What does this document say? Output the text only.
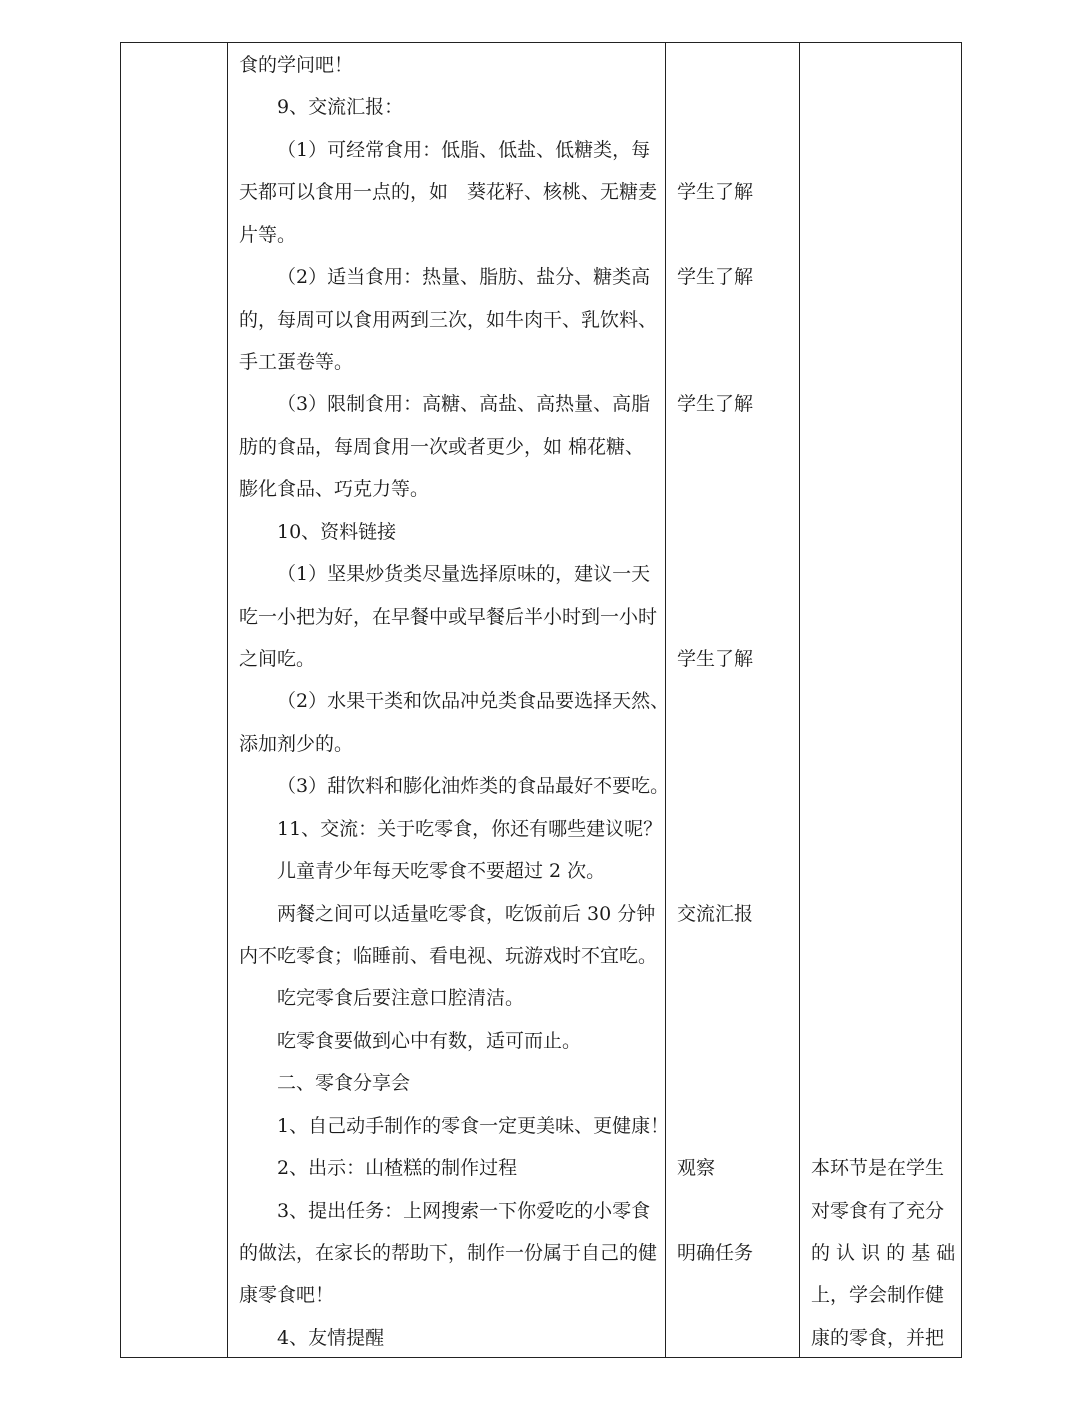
食的学问吧！
9、交流汇报：
（1）可经常食用：低脂、低盐、低糖类，每
天都可以食用一点的，如　葵花籽、核桃、无糖麦
片等。
（2）适当食用：热量、脂肪、盐分、糖类高
的，每周可以食用两到三次，如牛肉干、乳饮料、
手工蛋卷等。
（3）限制食用：高糖、高盐、高热量、高脂
肪的食品，每周食用一次或者更少，如 棉花糖、
膨化食品、巧克力等。
10、资料链接
（1）坚果炒货类尽量选择原味的，建议一天
吃一小把为好，在早餐中或早餐后半小时到一小时
之间吃。
（2）水果干类和饮品冲兑类食品要选择天然、
添加剂少的。
（3）甜饮料和膨化油炸类的食品最好不要吃。
11、交流：关于吃零食，你还有哪些建议呢？
儿童青少年每天吃零食不要超过 2 次。
两餐之间可以适量吃零食，吃饭前后 30 分钟
内不吃零食；临睡前、看电视、玩游戏时不宜吃。
吃完零食后要注意口腔清洁。
吃零食要做到心中有数，适可而止。
二、零食分享会
1、自己动手制作的零食一定更美味、更健康！
2、出示：山楂糕的制作过程
3、提出任务：上网搜索一下你爱吃的小零食
的做法，在家长的帮助下，制作一份属于自己的健
康零食吧！
4、友情提醒
学生了解
学生了解
学生了解
学生了解
交流汇报
观察
明确任务
本环节是在学生
对零食有了充分
的 认 识 的 基 础
上，学会制作健
康的零食，并把
